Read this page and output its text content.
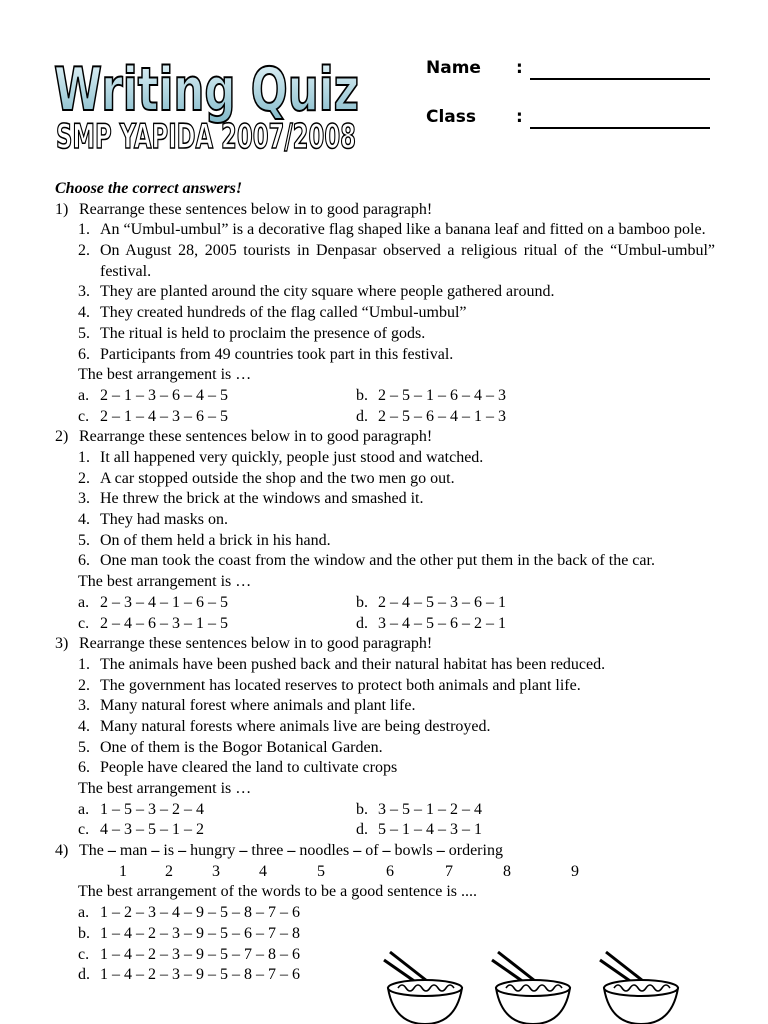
Writing Quiz
SMP YAPIDA 2007/2008
Name :
Class :
Choose the correct answers!
1) Rearrange these sentences below in to good paragraph!
1. An “Umbul-umbul” is a decorative flag shaped like a banana leaf and fitted on a bamboo pole.
2. On August 28, 2005 tourists in Denpasar observed a religious ritual of the “Umbul-umbul” festival.
3. They are planted around the city square where people gathered around.
4. They created hundreds of the flag called “Umbul-umbul”
5. The ritual is held to proclaim the presence of gods.
6. Participants from 49 countries took part in this festival.
The best arrangement is …
a. 2 – 1 – 3 – 6 – 4 – 5	b. 2 – 5 – 1 – 6 – 4 – 3
c. 2 – 1 – 4 – 3 – 6 – 5	d. 2 – 5 – 6 – 4 – 1 – 3
2) Rearrange these sentences below in to good paragraph!
1. It all happened very quickly, people just stood and watched.
2. A car stopped outside the shop and the two men go out.
3. He threw the brick at the windows and smashed it.
4. They had masks on.
5. On of them held a brick in his hand.
6. One man took the coast from the window and the other put them in the back of the car.
The best arrangement is …
a. 2 – 3 – 4 – 1 – 6 – 5	b. 2 – 4 – 5 – 3 – 6 – 1
c. 2 – 4 – 6 – 3 – 1 – 5	d. 3 – 4 – 5 – 6 – 2 – 1
3) Rearrange these sentences below in to good paragraph!
1. The animals have been pushed back and their natural habitat has been reduced.
2. The government has located reserves to protect both animals and plant life.
3. Many natural forest where animals and plant life.
4. Many natural forests where animals live are being destroyed.
5. One of them is the Bogor Botanical Garden.
6. People have cleared the land to cultivate crops
The best arrangement is …
a. 1 – 5 – 3 – 2 – 4	b. 3 – 5 – 1 – 2 – 4
c. 4 – 3 – 5 – 1 – 2	d. 5 – 1 – 4 – 3 – 1
4) The – man – is – hungry – three – noodles – of – bowls – ordering
1 2 3 4	5	6	7	8	9
The best arrangement of the words to be a good sentence is ....
a. 1 – 2 – 3 – 4 – 9 – 5 – 8 – 7 – 6
b. 1 – 4 – 2 – 3 – 9 – 5 – 6 – 7 – 8
c. 1 – 4 – 2 – 3 – 9 – 5 – 7 – 8 – 6
d. 1 – 4 – 2 – 3 – 9 – 5 – 8 – 7 – 6
